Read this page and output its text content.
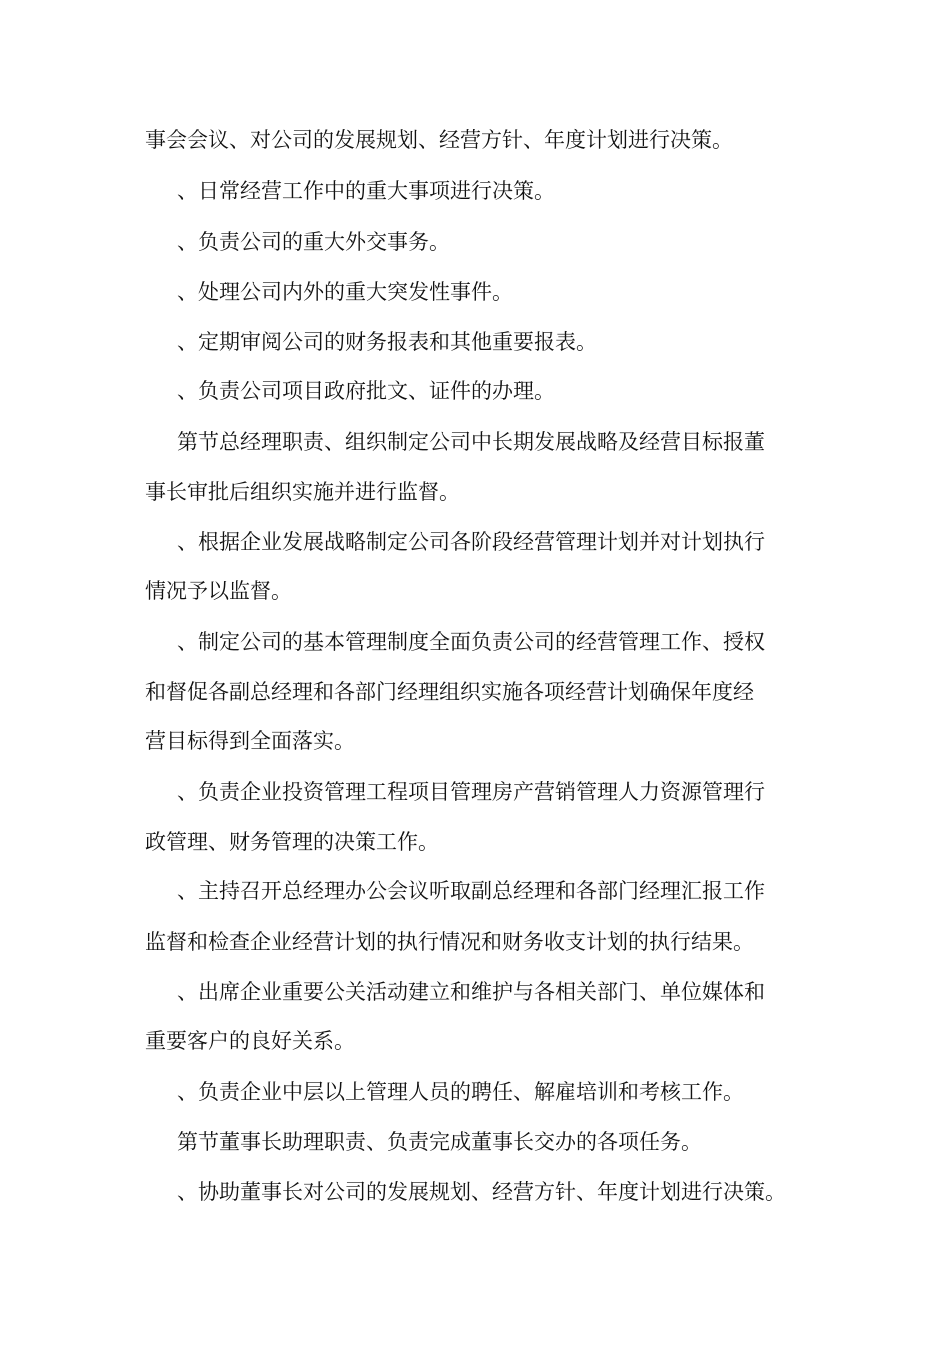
事会会议、对公司的发展规划、经营方针、年度计划进行决策。
、日常经营工作中的重大事项进行决策。
、负责公司的重大外交事务。
、处理公司内外的重大突发性事件。
、定期审阅公司的财务报表和其他重要报表。
、负责公司项目政府批文、证件的办理。
第节总经理职责、组织制定公司中长期发展战略及经营目标报董
事长审批后组织实施并进行监督。
、根据企业发展战略制定公司各阶段经营管理计划并对计划执行
情况予以监督。
、制定公司的基本管理制度全面负责公司的经营管理工作、授权
和督促各副总经理和各部门经理组织实施各项经营计划确保年度经
营目标得到全面落实。
、负责企业投资管理工程项目管理房产营销管理人力资源管理行
政管理、财务管理的决策工作。
、主持召开总经理办公会议听取副总经理和各部门经理汇报工作
监督和检查企业经营计划的执行情况和财务收支计划的执行结果。
、出席企业重要公关活动建立和维护与各相关部门、单位媒体和
重要客户的良好关系。
、负责企业中层以上管理人员的聘任、解雇培训和考核工作。
第节董事长助理职责、负责完成董事长交办的各项任务。
、协助董事长对公司的发展规划、经营方针、年度计划进行决策。
